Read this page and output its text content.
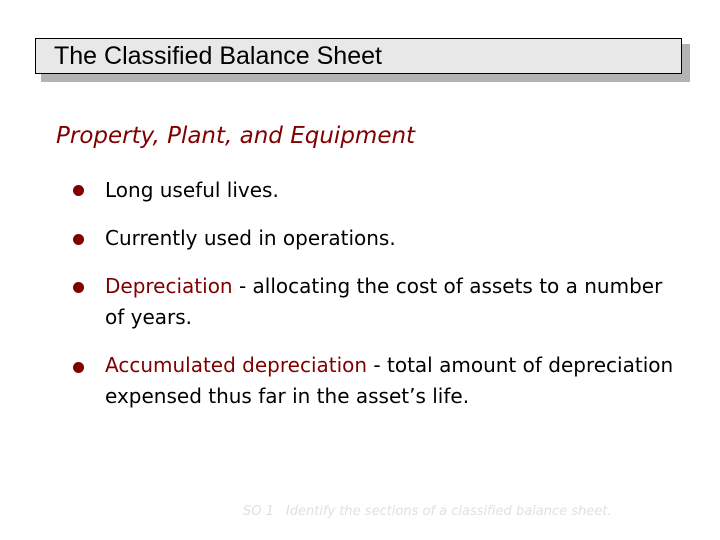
The Classified Balance Sheet
Property, Plant, and Equipment
Long useful lives.
Currently used in operations.
Depreciation - allocating the cost of assets to a number of years.
Accumulated depreciation - total amount of depreciation expensed thus far in the asset’s life.
SO 1 Identify the sections of a classified balance sheet.
